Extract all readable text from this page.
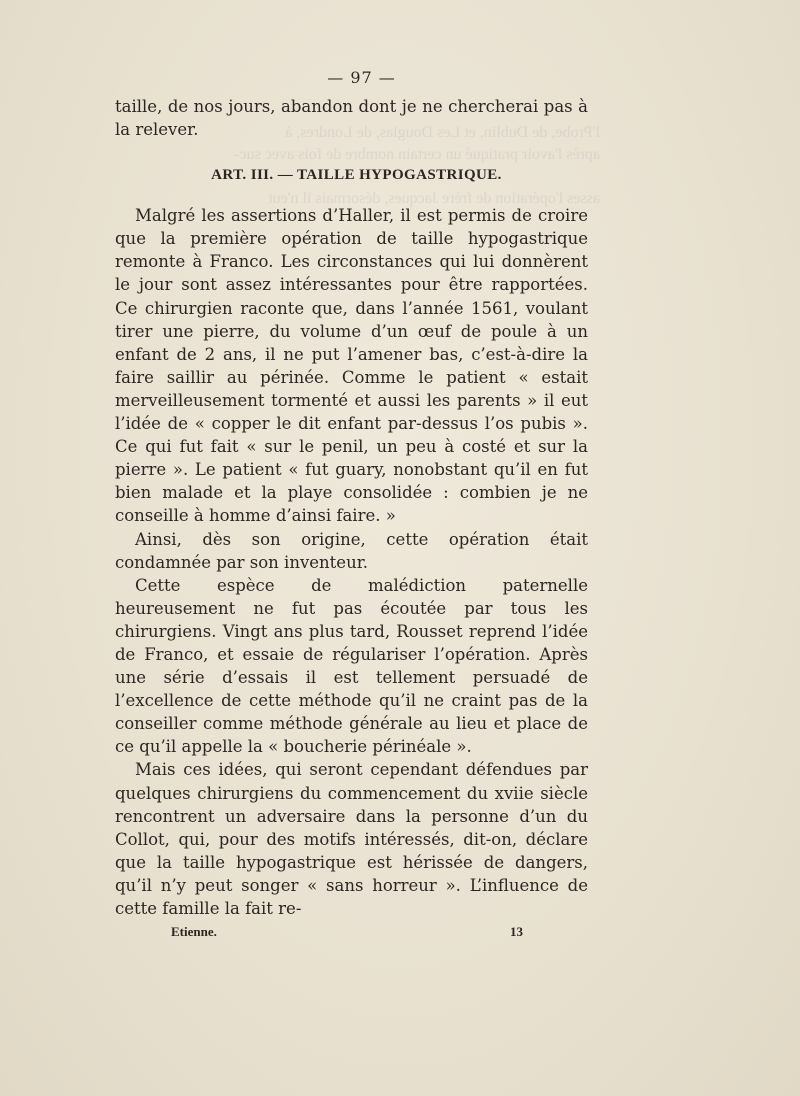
l'Probe, de Dublin, et Les Douglas, de Londres, à
après l'avoir pratiqué un certain nombre de fois avec suc-
asses l'opération de frère Jacques, désormais il n'eut
— 97 —

taille, de nos jours, abandon dont je ne chercherai pas à la relever.

ART. III. — TAILLE HYPOGASTRIQUE.

Malgré les assertions d’Haller, il est permis de croire que la première opération de taille hypogastrique remonte à Franco. Les circonstances qui lui donnèrent le jour sont assez intéressantes pour être rapportées. Ce chirurgien raconte que, dans l’année 1561, voulant tirer une pierre, du volume d’un œuf de poule à un enfant de 2 ans, il ne put l’amener bas, c’est-à-dire la faire saillir au périnée. Comme le patient « estait merveilleusement tormenté et aussi les parents » il eut l’idée de « copper le dit enfant par-dessus l’os pubis ». Ce qui fut fait « sur le penil, un peu à costé et sur la pierre ». Le patient « fut guary, nonobstant qu’il en fut bien malade et la playe consolidée : combien je ne conseille à homme d’ainsi faire. »

Ainsi, dès son origine, cette opération était condamnée par son inventeur.

Cette espèce de malédiction paternelle heureusement ne fut pas écoutée par tous les chirurgiens. Vingt ans plus tard, Rousset reprend l’idée de Franco, et essaie de régulariser l’opération. Après une série d’essais il est tellement persuadé de l’excellence de cette méthode qu’il ne craint pas de la conseiller comme méthode générale au lieu et place de ce qu’il appelle la « boucherie périnéale ».

Mais ces idées, qui seront cependant défendues par quelques chirurgiens du commencement du xviie siècle rencontrent un adversaire dans la personne d’un du Collot, qui, pour des motifs intéressés, dit-on, déclare que la taille hypogastrique est hérissée de dangers, qu’il n’y peut songer « sans horreur ». L’influence de cette famille la fait re-

Etienne.	13
